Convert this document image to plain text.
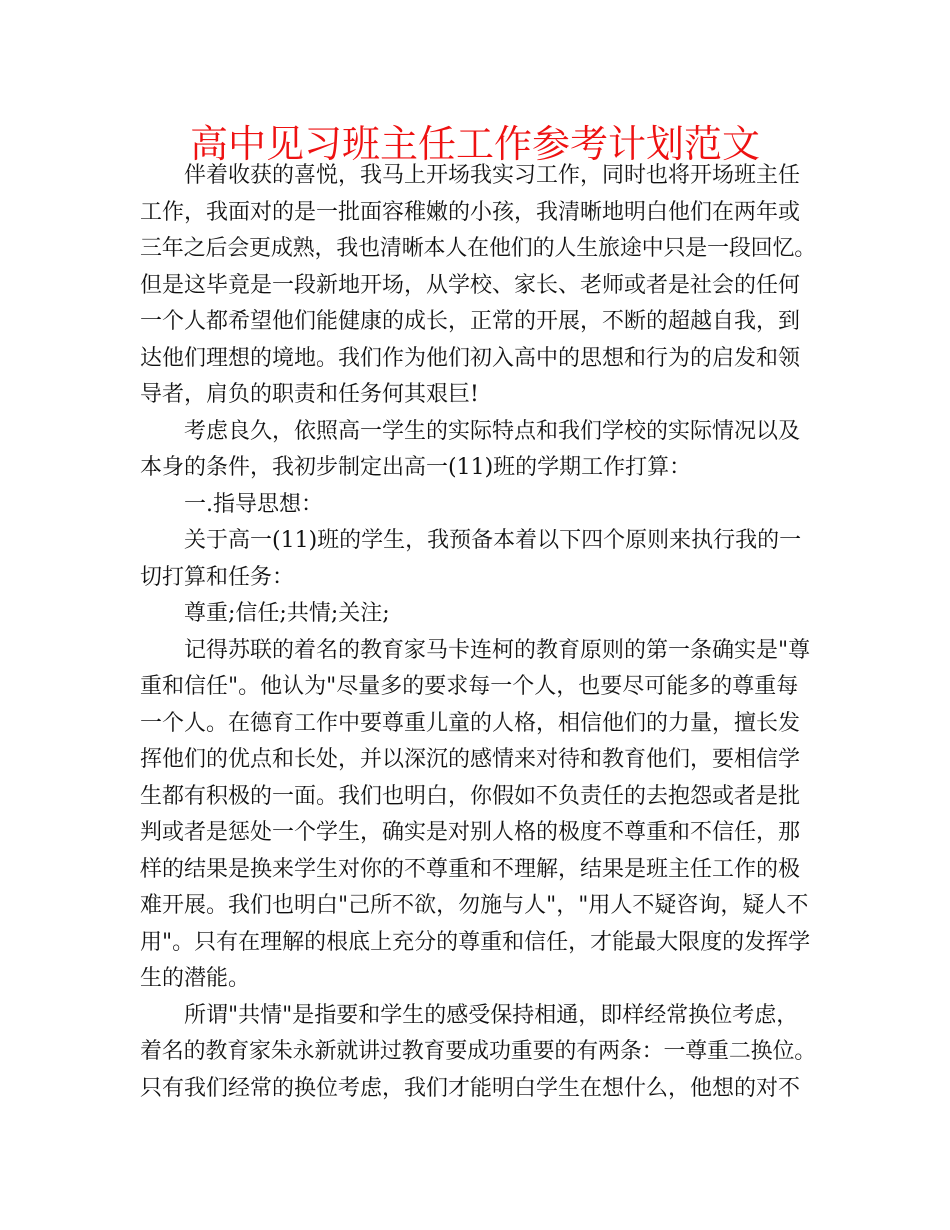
高中见习班主任工作参考计划范文
伴着收获的喜悦，我马上开场我实习工作，同时也将开场班主任
工作，我面对的是一批面容稚嫩的小孩，我清晰地明白他们在两年或
三年之后会更成熟，我也清晰本人在他们的人生旅途中只是一段回忆。
但是这毕竟是一段新地开场，从学校、家长、老师或者是社会的任何
一个人都希望他们能健康的成长，正常的开展，不断的超越自我，到
达他们理想的境地。我们作为他们初入高中的思想和行为的启发和领
导者，肩负的职责和任务何其艰巨!
考虑良久，依照高一学生的实际特点和我们学校的实际情况以及
本身的条件，我初步制定出高一(11)班的学期工作打算：
一.指导思想：
关于高一(11)班的学生，我预备本着以下四个原则来执行我的一
切打算和任务：
尊重;信任;共情;关注;
记得苏联的着名的教育家马卡连柯的教育原则的第一条确实是"尊
重和信任"。他认为"尽量多的要求每一个人，也要尽可能多的尊重每
一个人。在德育工作中要尊重儿童的人格，相信他们的力量，擅长发
挥他们的优点和长处，并以深沉的感情来对待和教育他们，要相信学
生都有积极的一面。我们也明白，你假如不负责任的去抱怨或者是批
判或者是惩处一个学生，确实是对别人格的极度不尊重和不信任，那
样的结果是换来学生对你的不尊重和不理解，结果是班主任工作的极
难开展。我们也明白"己所不欲，勿施与人"，"用人不疑咨询，疑人不
用"。只有在理解的根底上充分的尊重和信任，才能最大限度的发挥学
生的潜能。
所谓"共情"是指要和学生的感受保持相通，即样经常换位考虑，
着名的教育家朱永新就讲过教育要成功重要的有两条：一尊重二换位。
只有我们经常的换位考虑，我们才能明白学生在想什么，他想的对不
